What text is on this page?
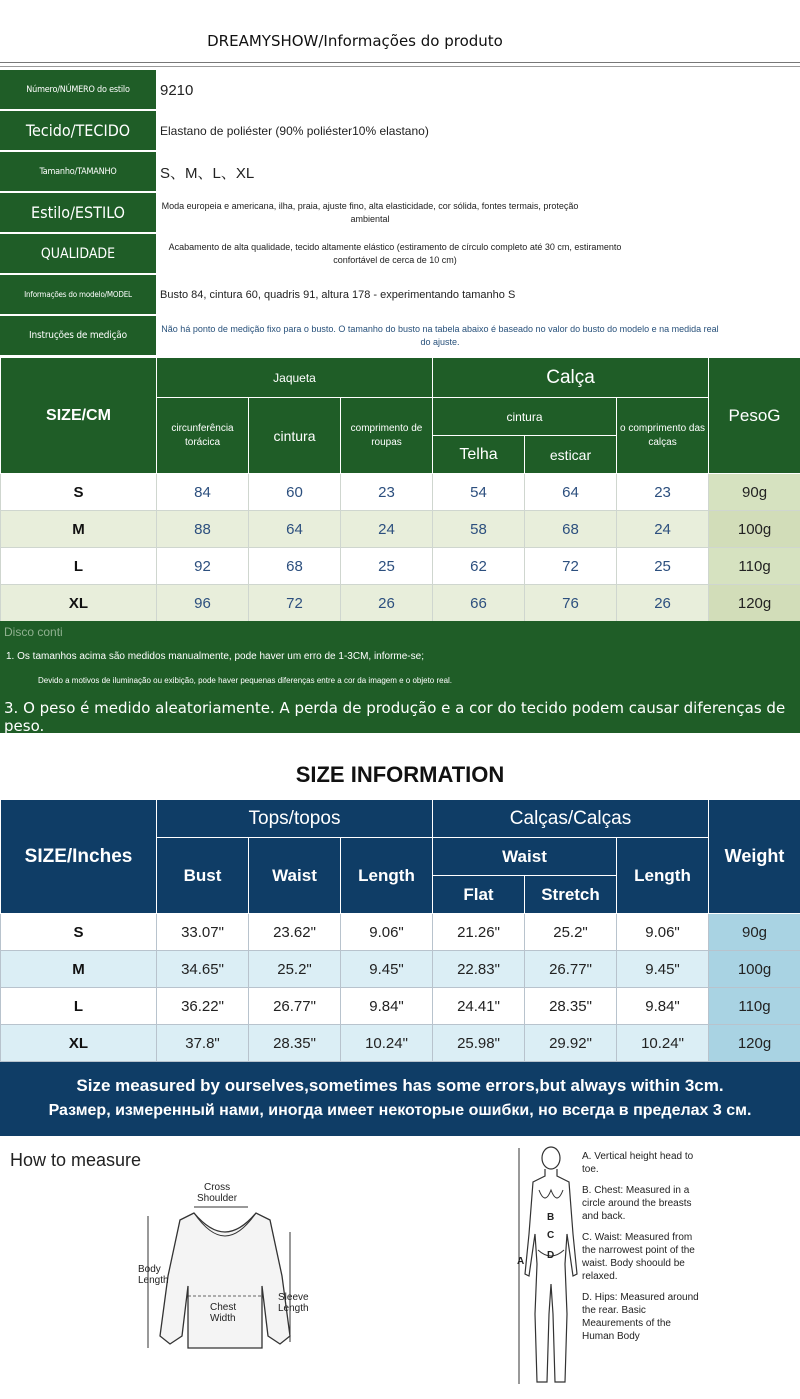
DREAMYSHOW/Informações do produto
Número/NÚMERO do estilo	9210
Tecido/TECIDO	Elastano de poliéster (90% poliéster10% elastano)
Tamanho/TAMANHO	S、M、L、XL
Estilo/ESTILO	Moda europeia e americana, ilha, praia, ajuste fino, alta elasticidade, cor sólida, fontes termais, proteção ambiental
QUALIDADE	Acabamento de alta qualidade, tecido altamente elástico (estiramento de círculo completo até 30 cm, estiramento confortável de cerca de 10 cm)
Informações do modelo/MODEL	Busto 84, cintura 60, quadris 91, altura 178 - experimentando tamanho S
Instruções de medição
Não há ponto de medição fixo para o busto. O tamanho do busto na tabela abaixo é baseado no valor do busto do modelo e na medida real do ajuste.
SIZE/CM	Jaqueta			Calça			PesoG
	circunferência torácica	cintura	comprimento de roupas	cintura		o comprimento das calças	
				Telha	esticar		
S	84	60	23	54	64	23	90g
M	88	64	24	58	68	24	100g
L	92	68	25	62	72	25	110g
XL	96	72	26	66	76	26	120g
Disco conti
1. Os tamanhos acima são medidos manualmente, pode haver um erro de 1-3CM, informe-se;
Devido a motivos de iluminação ou exibição, pode haver pequenas diferenças entre a cor da imagem e o objeto real.
3. O peso é medido aleatoriamente. A perda de produção e a cor do tecido podem causar diferenças de peso.
SIZE INFORMATION
SIZE/Inches	Tops/topos			Calças/Calças			Weight
	Bust	Waist	Length	Waist		Length	
				Flat	Stretch		
S	33.07"	23.62"	9.06"	21.26"	25.2"	9.06"	90g
M	34.65"	25.2"	9.45"	22.83"	26.77"	9.45"	100g
L	36.22"	26.77"	9.84"	24.41"	28.35"	9.84"	110g
XL	37.8"	28.35"	10.24"	25.98"	29.92"	10.24"	120g
Size measured by ourselves,sometimes has some errors,but always within 3cm.
Размер, измеренный нами, иногда имеет некоторые ошибки, но всегда в пределах 3 см.
How to measure
Cross Shoulder
Chest Width
Body Length
Sleeve Length
A
B
C
D
A. Vertical height head to toe.
B. Chest: Measured in a circle around the breasts and back.
C. Waist: Measured from the narrowest point of the waist. Body shoould be relaxed.
D. Hips: Measured around the rear. Basic Meaurements of the Human Body
